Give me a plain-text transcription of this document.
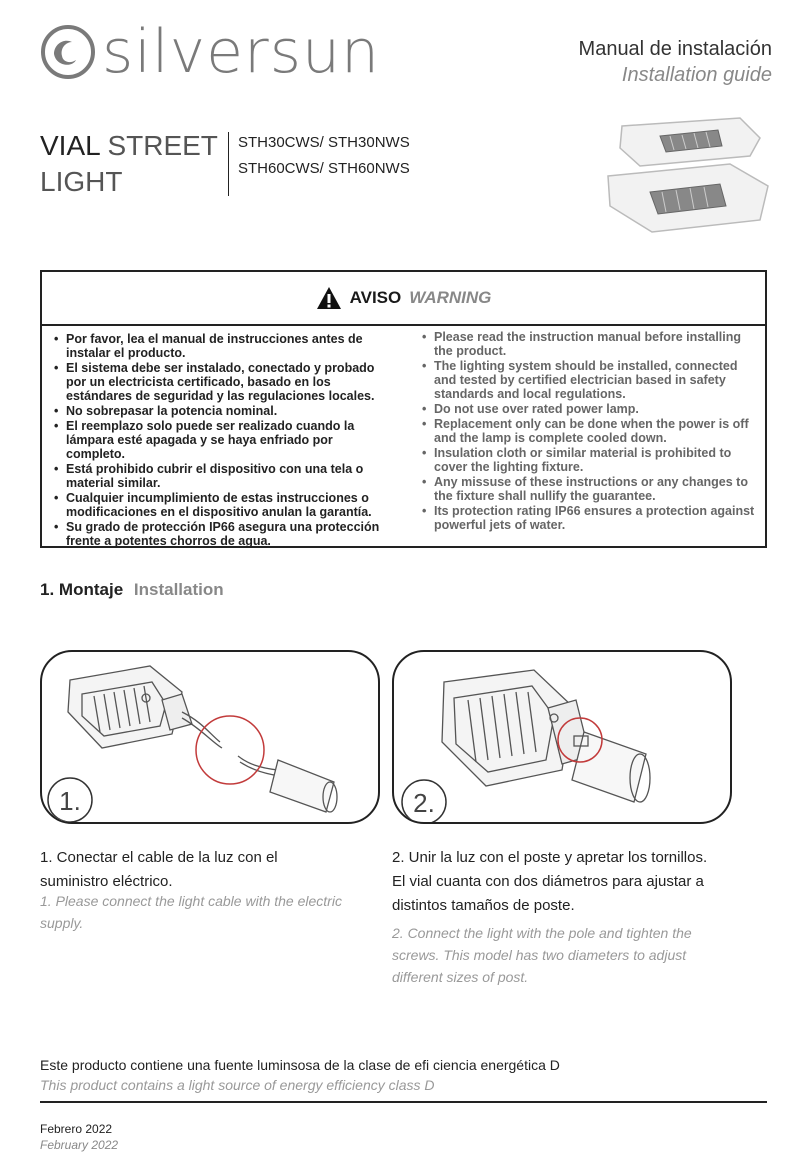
silversun	Manual de instalación
Installation guide
VIAL STREET
LIGHT
STH30CWS/ STH30NWS
STH60CWS/ STH60NWS
AVISO WARNING
• Por favor, lea el manual de instrucciones antes de instalar el producto.
• El sistema debe ser instalado, conectado y probado por un electricista certificado, basado en los estándares de seguridad y las regulaciones locales.
• No sobrepasar la potencia nominal.
• El reemplazo solo puede ser realizado cuando la lámpara esté apagada y se haya enfriado por completo.
• Está prohibido cubrir el dispositivo con una tela o material similar.
• Cualquier incumplimiento de estas instrucciones o modificaciones en el dispositivo anulan la garantía.
• Su grado de protección IP66 asegura una protección frente a potentes chorros de agua.
• Please read the instruction manual before installing the product.
• The lighting system should be installed, connected and tested by certified electrician based in safety standards and local regulations.
• Do not use over rated power lamp.
• Replacement only can be done when the power is off and the lamp is complete cooled down.
• Insulation cloth or similar material is prohibited to cover the lighting fixture.
• Any missuse of these instructions or any changes to the fixture shall nullify the guarantee.
• Its protection rating IP66 ensures a protection against powerful jets of water.
1. Montaje Installation
1.	2.
1. Conectar el cable de la luz con el suministro eléctrico.
1. Please connect the light cable with the electric supply.
2. Unir la luz con el poste y apretar los tornillos. El vial cuanta con dos diámetros para ajustar a distintos tamaños de poste.
2. Connect the light with the pole and tighten the screws. This model has two diameters to adjust different sizes of post.
Este producto contiene una fuente luminsosa de la clase de efi ciencia energética D
This product contains a light source of energy efficiency class D
Febrero 2022
February 2022
